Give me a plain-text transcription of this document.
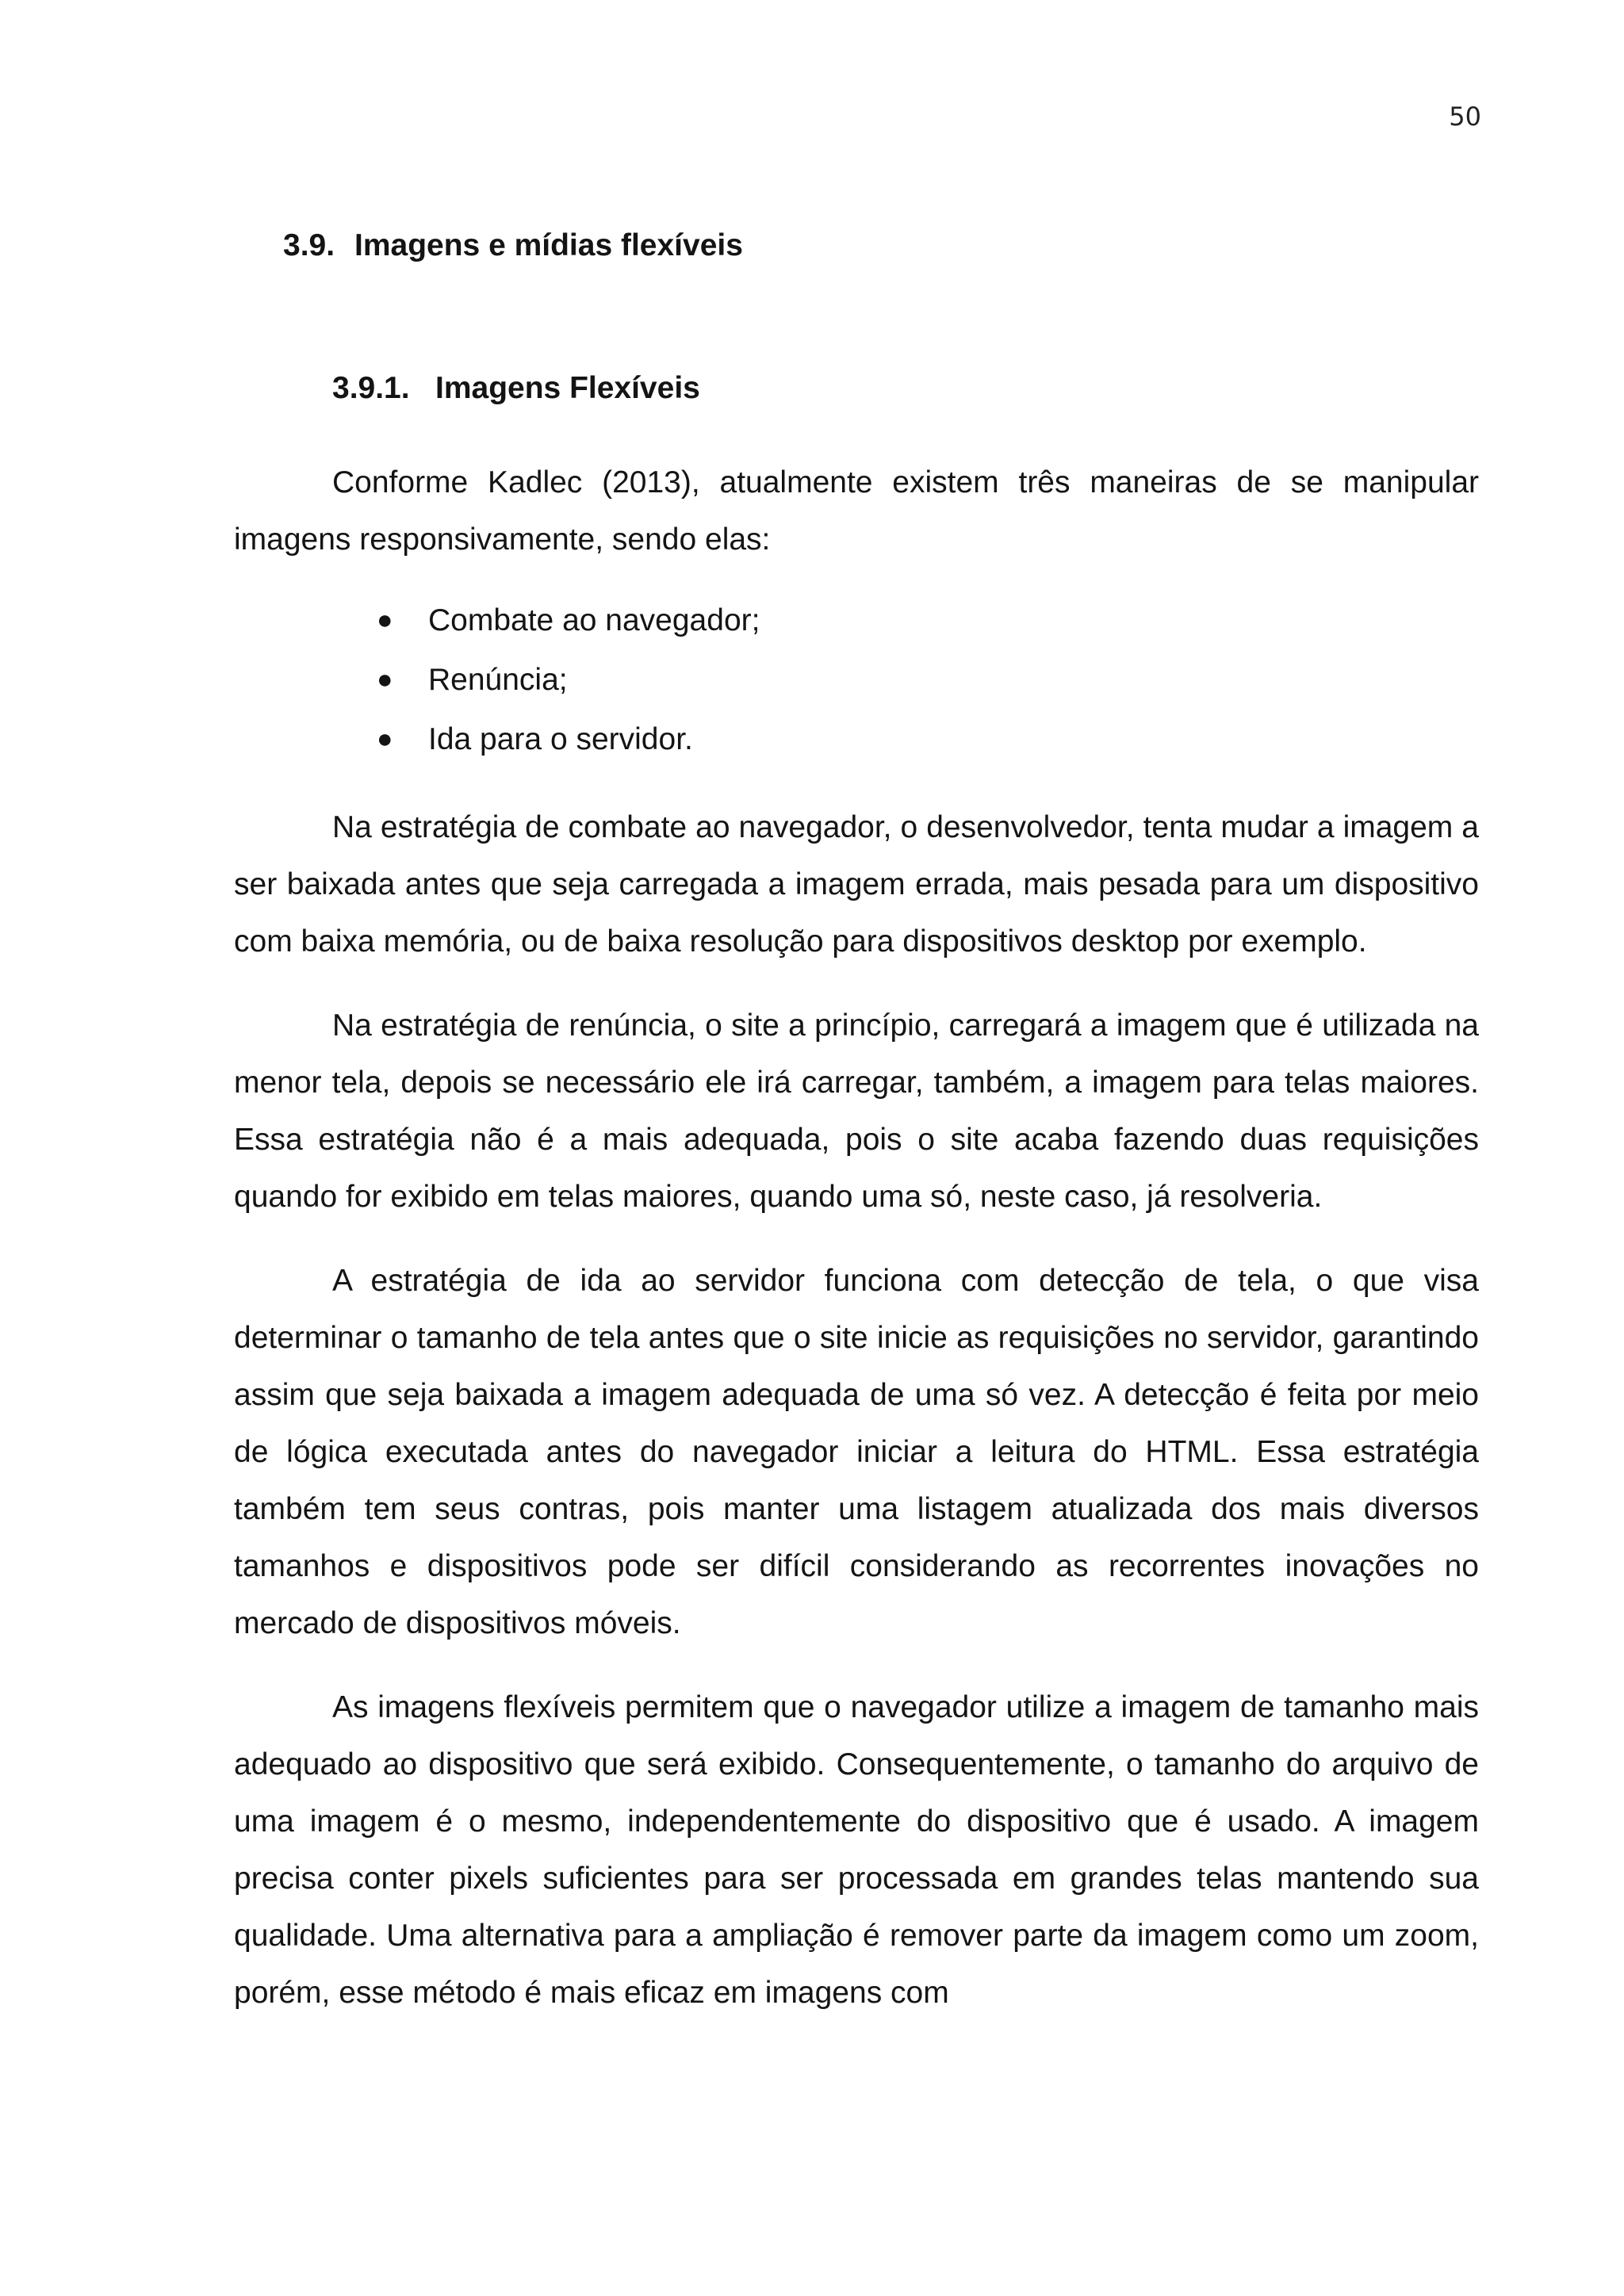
50
3.9. Imagens e mídias flexíveis
3.9.1. Imagens Flexíveis

Conforme Kadlec (2013), atualmente existem três maneiras de se manipular imagens responsivamente, sendo elas:

● Combate ao navegador;
● Renúncia;
● Ida para o servidor.

Na estratégia de combate ao navegador, o desenvolvedor, tenta mudar a imagem a ser baixada antes que seja carregada a imagem errada, mais pesada para um dispositivo com baixa memória, ou de baixa resolução para dispositivos desktop por exemplo.

Na estratégia de renúncia, o site a princípio, carregará a imagem que é utilizada na menor tela, depois se necessário ele irá carregar, também, a imagem para telas maiores. Essa estratégia não é a mais adequada, pois o site acaba fazendo duas requisições quando for exibido em telas maiores, quando uma só, neste caso, já resolveria.

A estratégia de ida ao servidor funciona com detecção de tela, o que visa determinar o tamanho de tela antes que o site inicie as requisições no servidor, garantindo assim que seja baixada a imagem adequada de uma só vez. A detecção é feita por meio de lógica executada antes do navegador iniciar a leitura do HTML. Essa estratégia também tem seus contras, pois manter uma listagem atualizada dos mais diversos tamanhos e dispositivos pode ser difícil considerando as recorrentes inovações no mercado de dispositivos móveis.

As imagens flexíveis permitem que o navegador utilize a imagem de tamanho mais adequado ao dispositivo que será exibido. Consequentemente, o tamanho do arquivo de uma imagem é o mesmo, independentemente do dispositivo que é usado. A imagem precisa conter pixels suficientes para ser processada em grandes telas mantendo sua qualidade. Uma alternativa para a ampliação é remover parte da imagem como um zoom, porém, esse método é mais eficaz em imagens com
